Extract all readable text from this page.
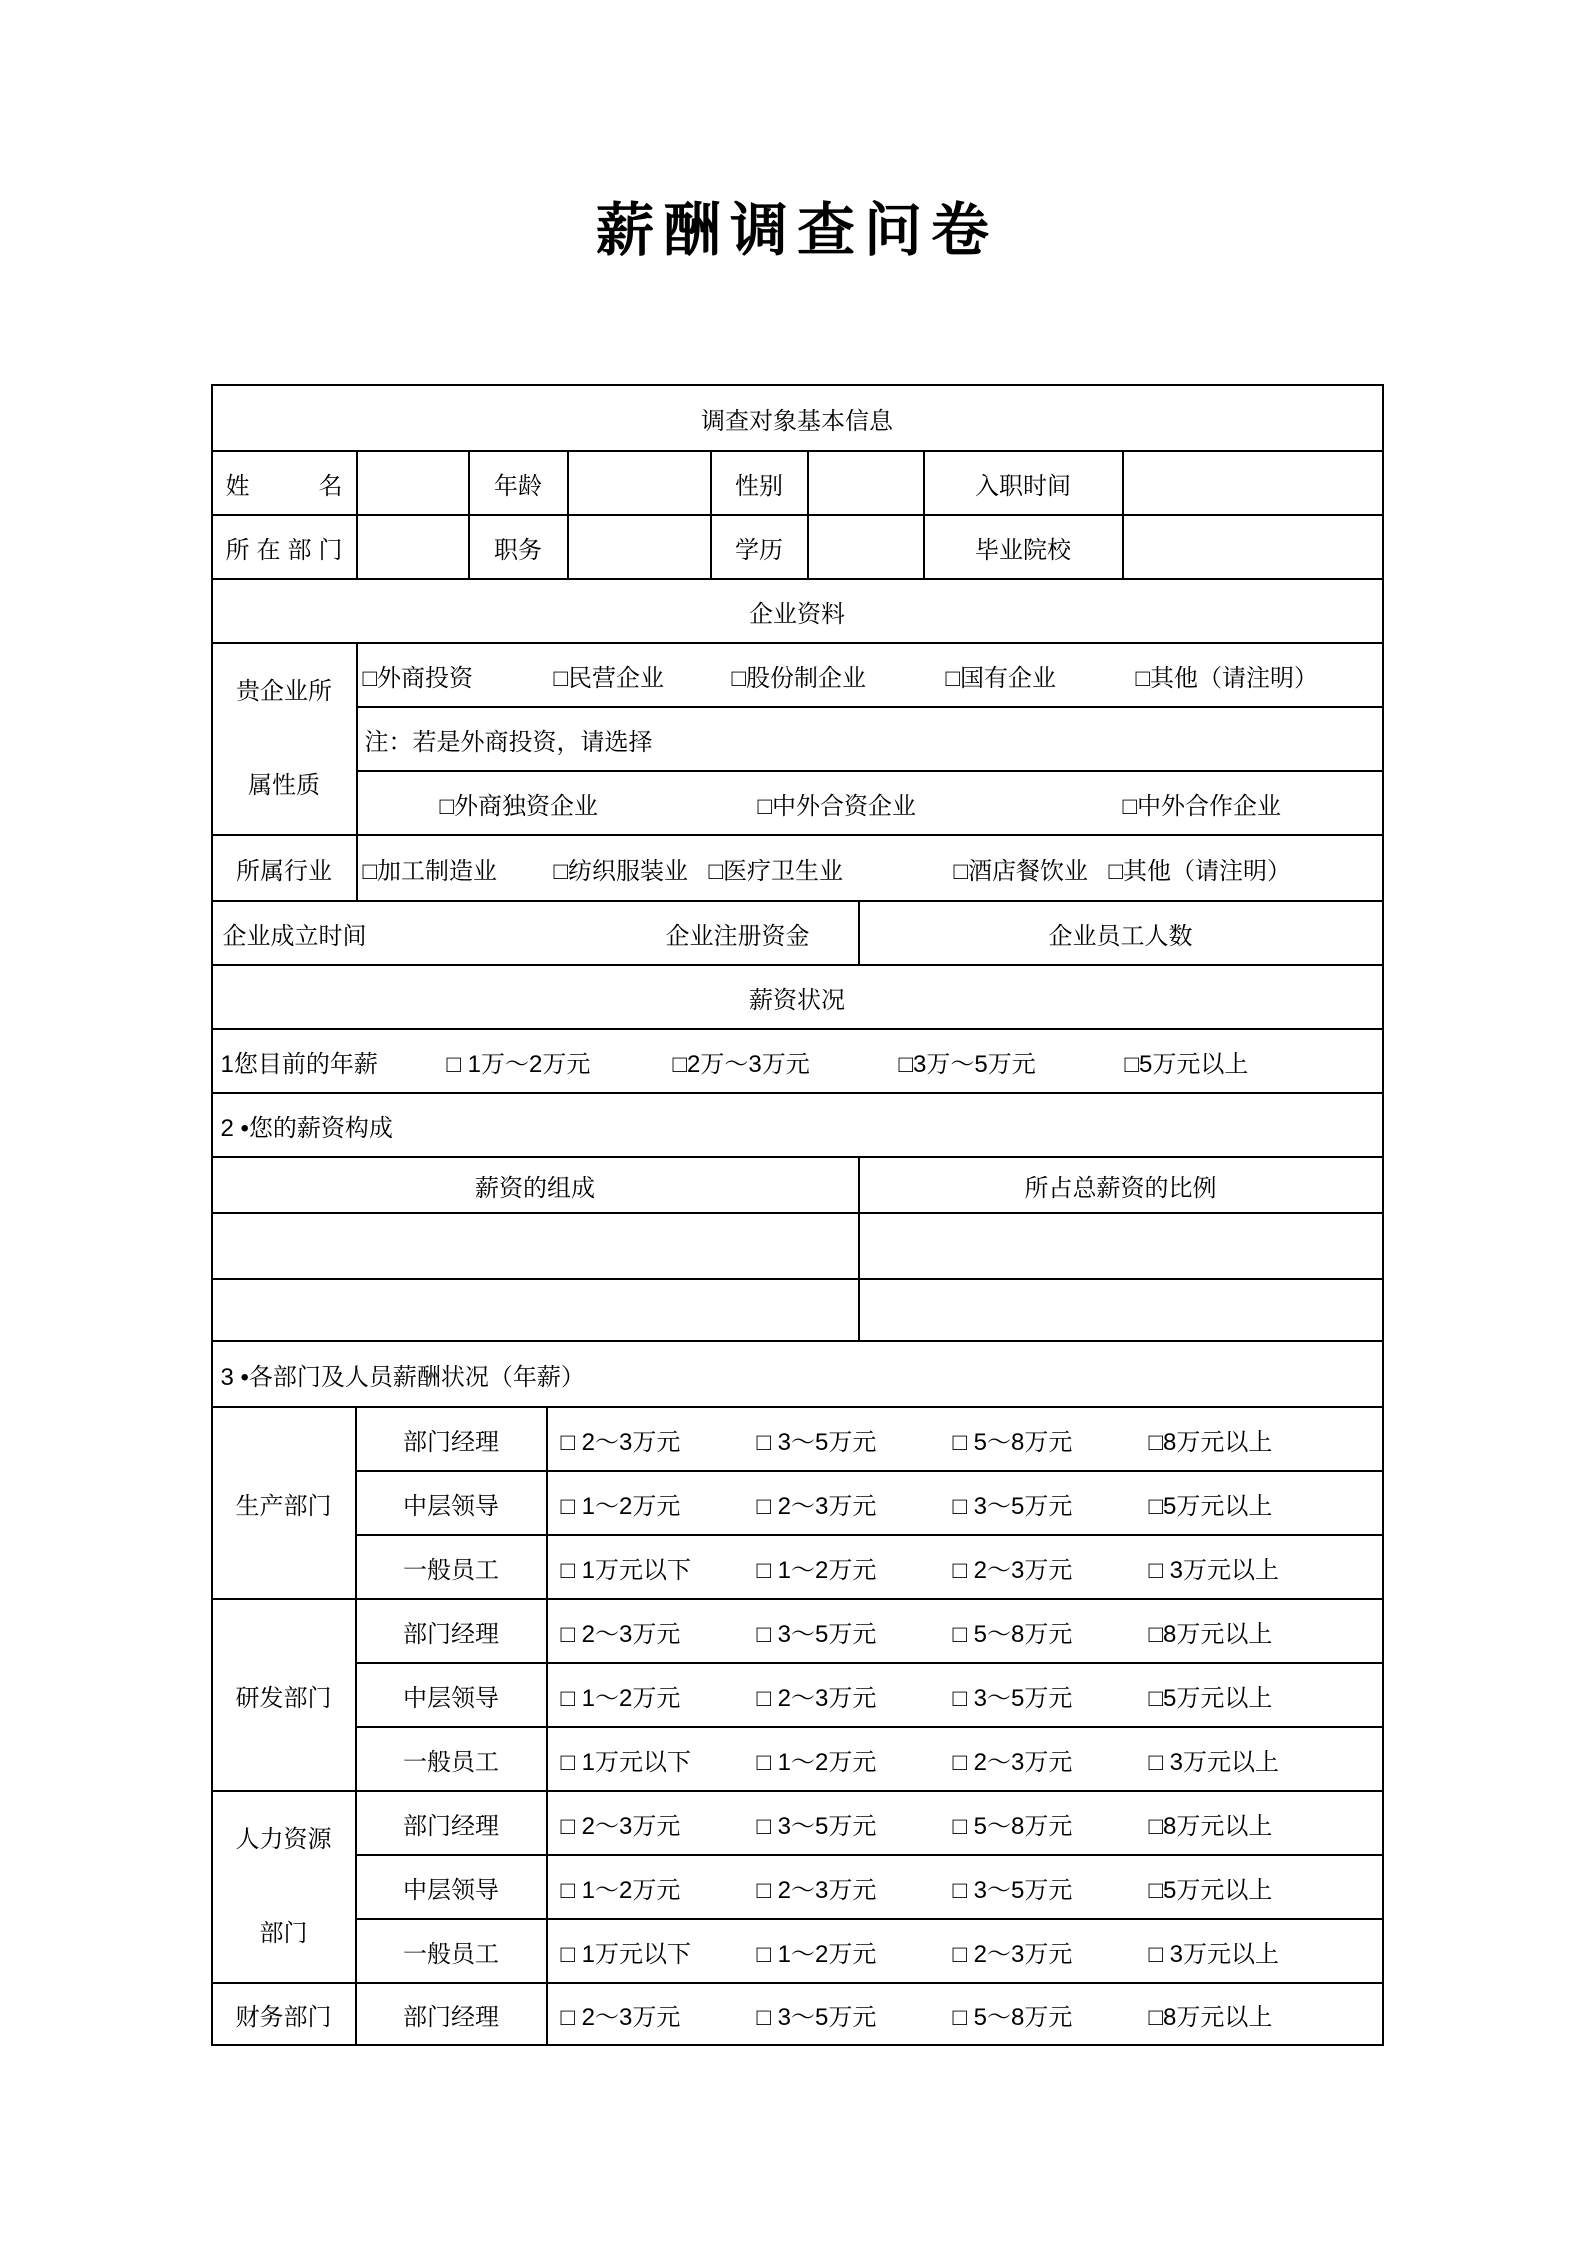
薪酬调查问卷
调查对象基本信息
姓名	年龄	性别	入职时间
所在部门	职务	学历	毕业院校
企业资料
贵企业所
属性质
□外商投资	□民营企业	□股份制企业	□国有企业	□其他（请注明）
注：若是外商投资，请选择
□外商独资企业	□中外合资企业	□中外合作企业
所属行业 □加工制造业	□纺织服装业 □医疗卫生业	□酒店餐饮业 □其他（请注明）
企业成立时间	企业注册资金	企业员工人数
薪资状况
1您目前的年薪	□ 1万〜2万元	□2万〜3万元	□3万〜5万元	□5万元以上
2 •您的薪资构成
薪资的组成	所占总薪资的比例
3 •各部门及人员薪酬状况（年薪）
生产部门
部门经理	□ 2〜3万元	□ 3〜5万元	□ 5〜8万元	□8万元以上
中层领导	□ 1〜2万元	□ 2〜3万元	□ 3〜5万元	□5万元以上
一般员工	□ 1万元以下	□ 1〜2万元	□ 2〜3万元	□ 3万元以上
研发部门
部门经理	□ 2〜3万元	□ 3〜5万元	□ 5〜8万元	□8万元以上
中层领导	□ 1〜2万元	□ 2〜3万元	□ 3〜5万元	□5万元以上
一般员工	□ 1万元以下	□ 1〜2万元	□ 2〜3万元	□ 3万元以上
人力资源
部门
部门经理	□ 2〜3万元	□ 3〜5万元	□ 5〜8万元	□8万元以上
中层领导	□ 1〜2万元	□ 2〜3万元	□ 3〜5万元	□5万元以上
一般员工	□ 1万元以下	□ 1〜2万元	□ 2〜3万元	□ 3万元以上
财务部门	部门经理	□ 2〜3万元	□ 3〜5万元	□ 5〜8万元	□8万元以上
